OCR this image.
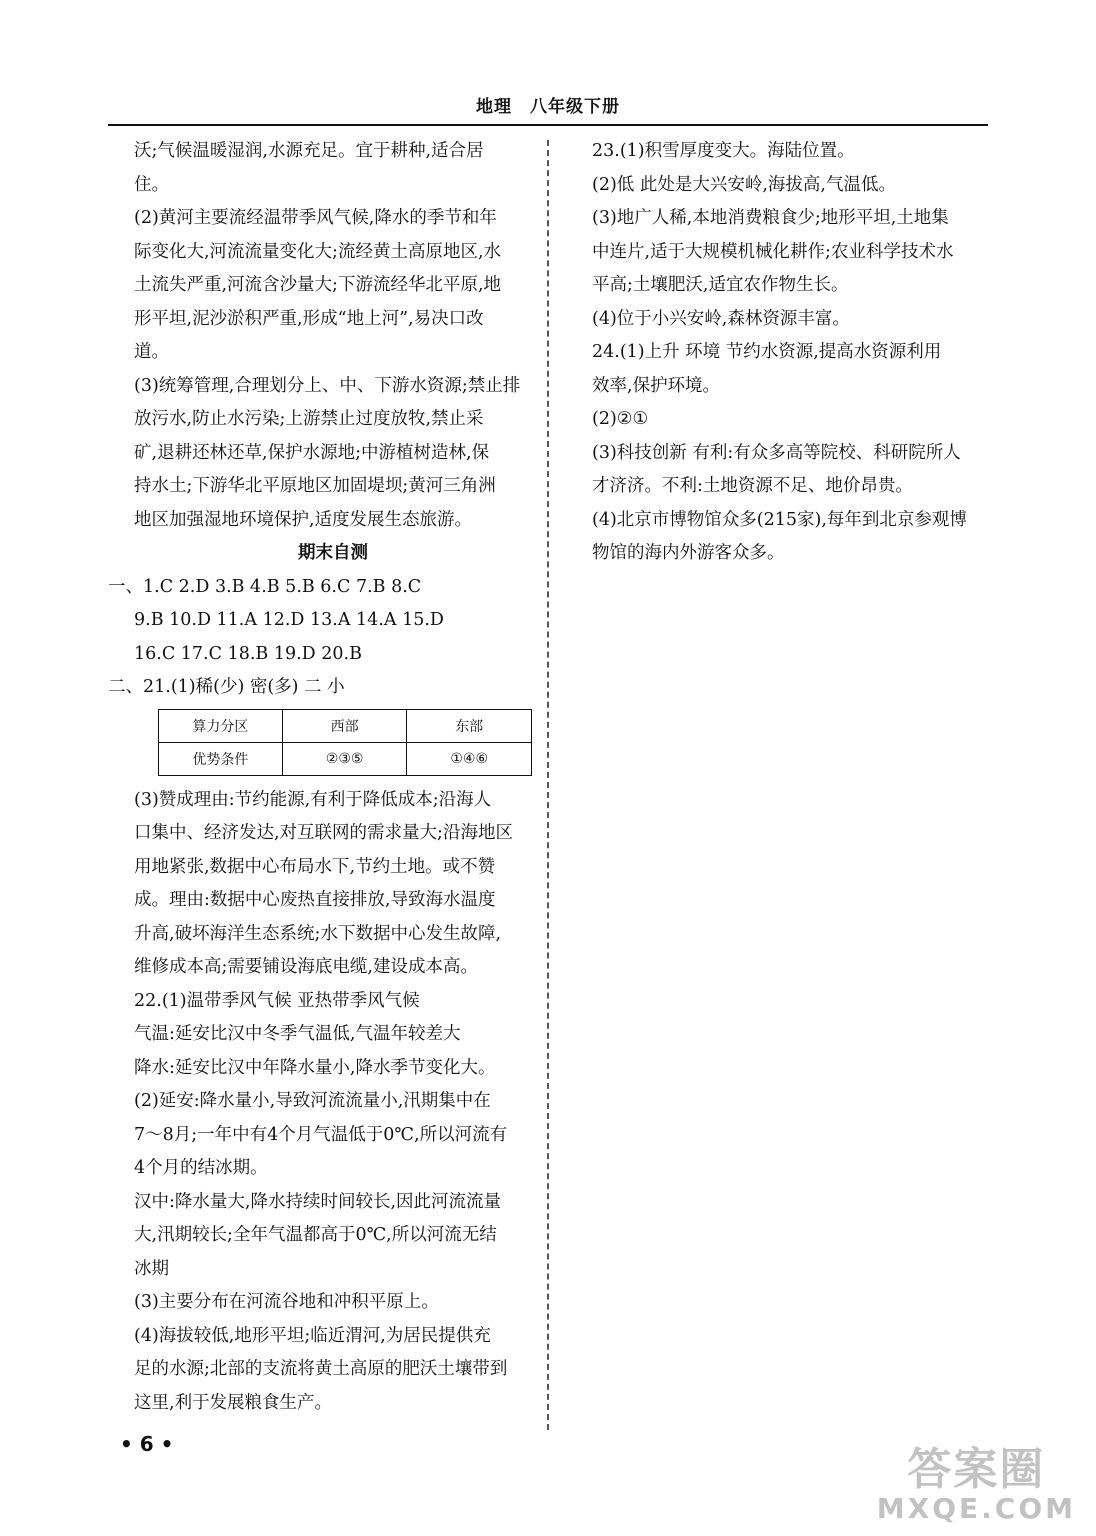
地理 八年级下册
沃;气候温暖湿润,水源充足。宜于耕种,适合居
住。
(2)黄河主要流经温带季风气候,降水的季节和年
际变化大,河流流量变化大;流经黄土高原地区,水
土流失严重,河流含沙量大;下游流经华北平原,地
形平坦,泥沙淤积严重,形成“地上河”,易决口改
道。
(3)统筹管理,合理划分上、中、下游水资源;禁止排
放污水,防止水污染;上游禁止过度放牧,禁止采
矿,退耕还林还草,保护水源地;中游植树造林,保
持水土;下游华北平原地区加固堤坝;黄河三角洲
地区加强湿地环境保护,适度发展生态旅游。
期末自测
一、1.C 2.D 3.B 4.B 5.B 6.C 7.B 8.C
9.B 10.D 11.A 12.D 13.A 14.A 15.D
16.C 17.C 18.B 19.D 20.B
二、21.(1)稀(少) 密(多) 二 小
算力分区	西部	东部
优势条件	②③⑤	①④⑥
(3)赞成理由:节约能源,有利于降低成本;沿海人
口集中、经济发达,对互联网的需求量大;沿海地区
用地紧张,数据中心布局水下,节约土地。或不赞
成。理由:数据中心废热直接排放,导致海水温度
升高,破坏海洋生态系统;水下数据中心发生故障,
维修成本高;需要铺设海底电缆,建设成本高。
22.(1)温带季风气候 亚热带季风气候
气温:延安比汉中冬季气温低,气温年较差大
降水:延安比汉中年降水量小,降水季节变化大。
(2)延安:降水量小,导致河流流量小,汛期集中在
7～8月;一年中有4个月气温低于0℃,所以河流有
4个月的结冰期。
汉中:降水量大,降水持续时间较长,因此河流流量
大,汛期较长;全年气温都高于0℃,所以河流无结
冰期
(3)主要分布在河流谷地和冲积平原上。
(4)海拔较低,地形平坦;临近渭河,为居民提供充
足的水源;北部的支流将黄土高原的肥沃土壤带到
这里,利于发展粮食生产。
23.(1)积雪厚度变大。海陆位置。
(2)低 此处是大兴安岭,海拔高,气温低。
(3)地广人稀,本地消费粮食少;地形平坦,土地集
中连片,适于大规模机械化耕作;农业科学技术水
平高;土壤肥沃,适宜农作物生长。
(4)位于小兴安岭,森林资源丰富。
24.(1)上升 环境 节约水资源,提高水资源利用
效率,保护环境。
(2)②①
(3)科技创新 有利:有众多高等院校、科研院所人
才济济。不利:土地资源不足、地价昂贵。
(4)北京市博物馆众多(215家),每年到北京参观博
物馆的海内外游客众多。
• 6 •	答案圈
MXQE.COM
